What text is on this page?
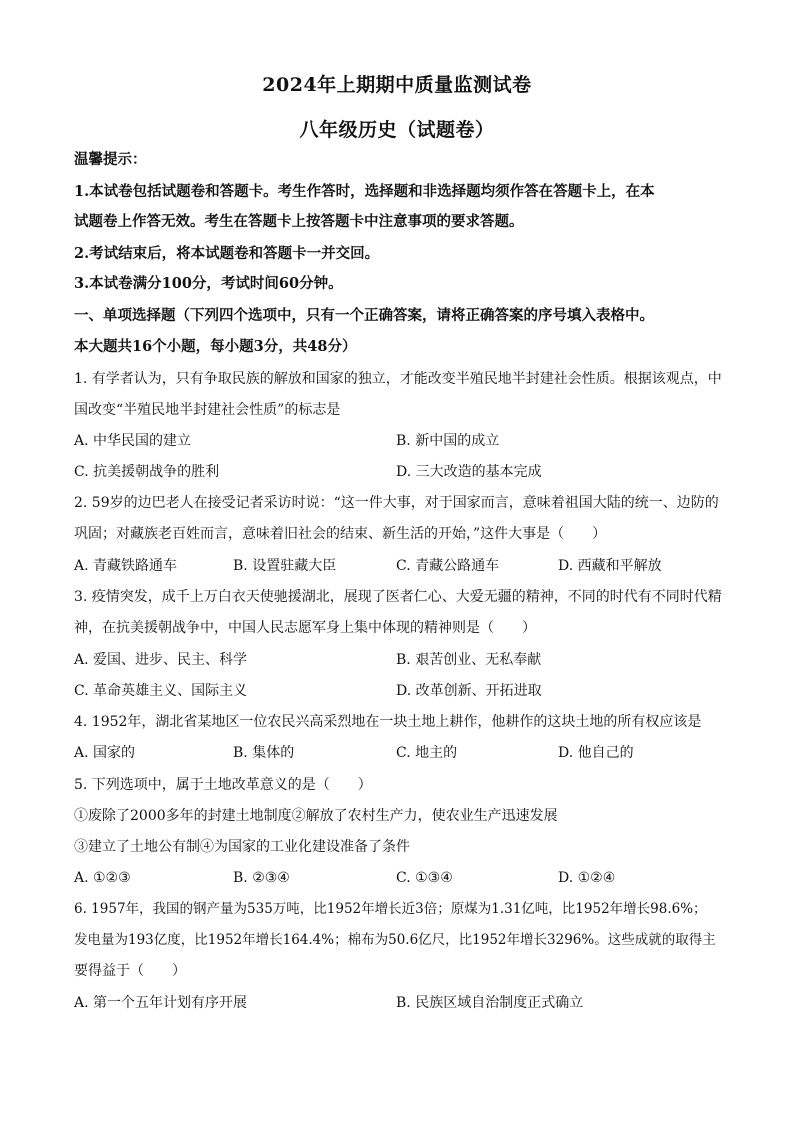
2024年上期期中质量监测试卷
八年级历史（试题卷）
温馨提示：
1.本试卷包括试题卷和答题卡。考生作答时，选择题和非选择题均须作答在答题卡上，在本
试题卷上作答无效。考生在答题卡上按答题卡中注意事项的要求答题。
2.考试结束后，将本试题卷和答题卡一并交回。
3.本试卷满分100分，考试时间60分钟。
一、单项选择题（下列四个选项中，只有一个正确答案，请将正确答案的序号填入表格中。
本大题共16个小题，每小题3分，共48分）
1. 有学者认为，只有争取民族的解放和国家的独立，才能改变半殖民地半封建社会性质。根据该观点，中
国改变“半殖民地半封建社会性质”的标志是
A. 中华民国的建立	B. 新中国的成立
C. 抗美援朝战争的胜利	D. 三大改造的基本完成
2. 59岁的边巴老人在接受记者采访时说：“这一件大事，对于国家而言，意味着祖国大陆的统一、边防的
巩固；对藏族老百姓而言，意味着旧社会的结束、新生活的开始，”这件大事是（　　）
A. 青藏铁路通车	B. 设置驻藏大臣	C. 青藏公路通车	D. 西藏和平解放
3. 疫情突发，成千上万白衣天使驰援湖北，展现了医者仁心、大爱无疆的精神，不同的时代有不同时代精
神，在抗美援朝战争中，中国人民志愿军身上集中体现的精神则是（　　）
A. 爱国、进步、民主、科学	B. 艰苦创业、无私奉献
C. 革命英雄主义、国际主义	D. 改革创新、开拓进取
4. 1952年，湖北省某地区一位农民兴高采烈地在一块土地上耕作，他耕作的这块土地的所有权应该是
A. 国家的	B. 集体的	C. 地主的	D. 他自己的
5. 下列选项中，属于土地改革意义的是（　　）
①废除了2000多年的封建土地制度②解放了农村生产力，使农业生产迅速发展
③建立了土地公有制④为国家的工业化建设准备了条件
A. ①②③	B. ②③④	C. ①③④	D. ①②④
6. 1957年，我国的钢产量为535万吨，比1952年增长近3倍；原煤为1.31亿吨，比1952年增长98.6%；
发电量为193亿度，比1952年增长164.4%；棉布为50.6亿尺，比1952年增长3296%。这些成就的取得主
要得益于（　　）
A. 第一个五年计划有序开展	B. 民族区域自治制度正式确立
